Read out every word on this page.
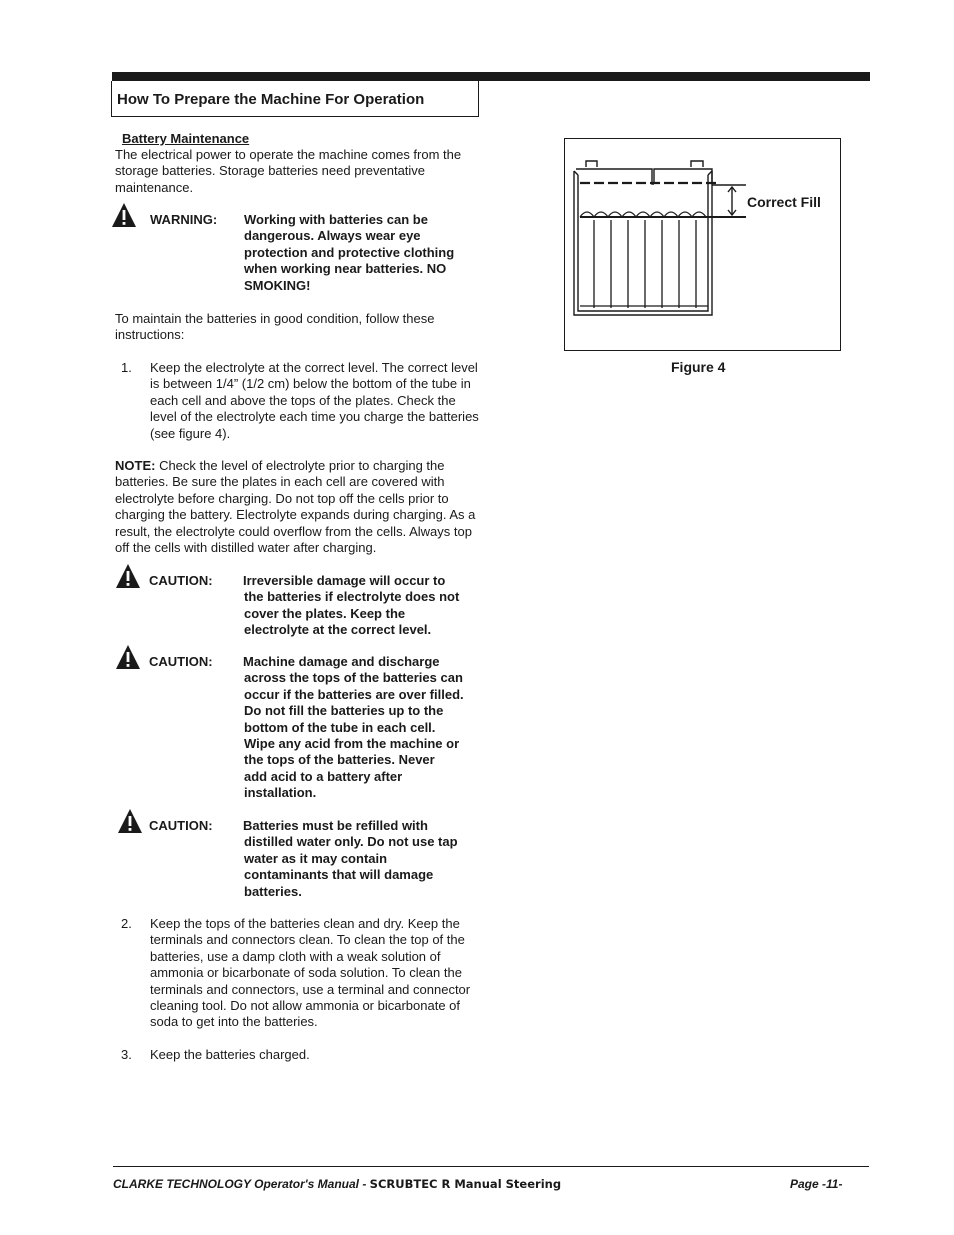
How To Prepare the Machine For Operation
Battery Maintenance
The electrical power to operate the machine comes from the storage batteries. Storage batteries need preventative maintenance.
WARNING: Working with batteries can be
dangerous. Always wear eye
protection and protective clothing
when working near batteries. NO
SMOKING!
To maintain the batteries in good condition, follow these instructions:
1. Keep the electrolyte at the correct level. The correct level is between 1/4” (1/2 cm) below the bottom of the tube in each cell and above the tops of the plates. Check the level of the electrolyte each time you charge the batteries (see figure 4).
NOTE: Check the level of electrolyte prior to charging the batteries. Be sure the plates in each cell are covered with electrolyte before charging. Do not top off the cells prior to charging the battery. Electrolyte expands during charging. As a result, the electrolyte could overflow from the cells. Always top off the cells with distilled water after charging.
CAUTION: Irreversible damage will occur to
the batteries if electrolyte does not
cover the plates. Keep the
electrolyte at the correct level.
CAUTION: Machine damage and discharge
across the tops of the batteries can
occur if the batteries are over filled.
Do not fill the batteries up to the
bottom of the tube in each cell.
Wipe any acid from the machine or
the tops of the batteries. Never
add acid to a battery after
installation.
CAUTION: Batteries must be refilled with
distilled water only. Do not use tap
water as it may contain
contaminants that will damage
batteries.
2. Keep the tops of the batteries clean and dry. Keep the terminals and connectors clean. To clean the top of the batteries, use a damp cloth with a weak solution of ammonia or bicarbonate of soda solution. To clean the terminals and connectors, use a terminal and connector cleaning tool. Do not allow ammonia or bicarbonate of soda to get into the batteries.
3. Keep the batteries charged.
Correct Fill
Figure 4
CLARKE TECHNOLOGY Operator's Manual - SCRUBTEC R Manual Steering	Page -11-
